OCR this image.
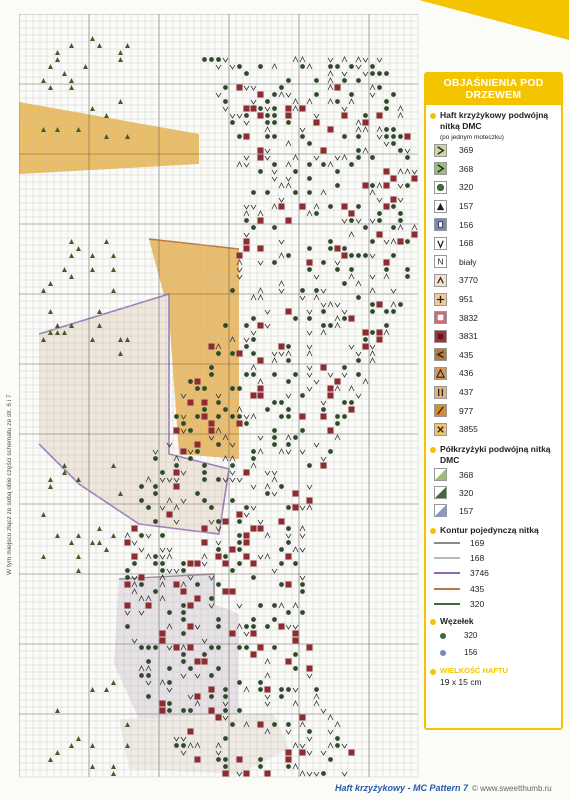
W tym miejscu złącz ze sobą obie części schematu ze str. 6 i 7
OBJAŚNIENIA POD DRZEWEM
Haft krzyżykowy podwójną nitką DMC
(po jednym moteczku)
369
368
320
157
156
168
N biały
3770
951
3832
3831
435
436
437
977
3855
Półkrzyżyki podwójną nitką DMC
368
320
157
Kontur pojedynczą nitką
169
168
3746
435
320
Węzełek
320
156
WIELKOŚĆ HAFTU
19 x 15 cm
Haft krzyżykowy - MC Pattern 7 © www.sweetthumb.ru
